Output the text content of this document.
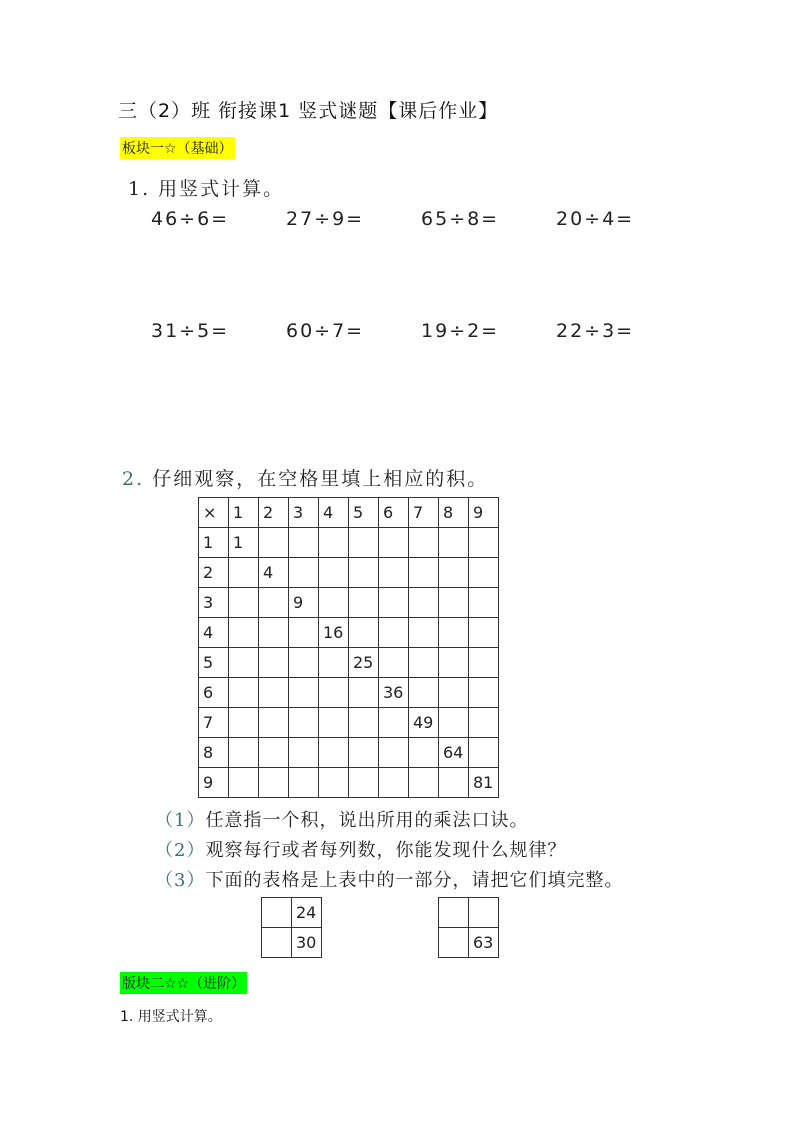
三（2）班 衔接课1 竖式谜题【课后作业】
板块一☆（基础）
1. 用竖式计算。
46÷6=	27÷9=	65÷8=	20÷4=
31÷5=	60÷7=	19÷2=	22÷3=
2. 仔细观察，在空格里填上相应的积。
×	1	2	3	4	5	6	7	8	9
1	1								
2		4							
3			9						
4				16					
5					25				
6						36			
7							49		
8								64	
9									81
（1）任意指一个积，说出所用的乘法口诀。
（2）观察每行或者每列数，你能发现什么规律？
（3）下面的表格是上表中的一部分，请把它们填完整。
	24
	30

		63
版块二☆☆（进阶）
1. 用竖式计算。
